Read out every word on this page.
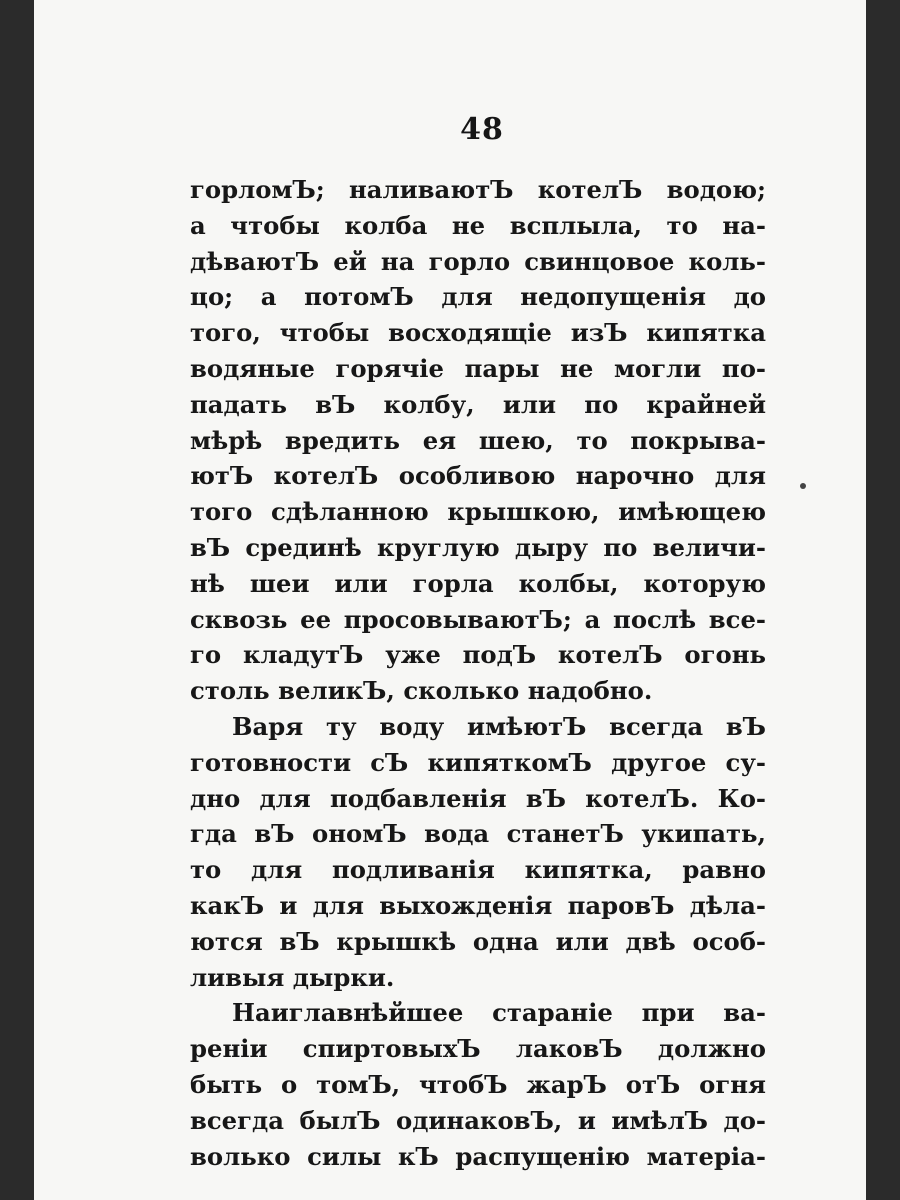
48
горломЪ; наливаютЪ котелЪ водою;
а чтобы колба не всплыла, то на-
дѣваютЪ ей на горло свинцовое коль-
цо; а потомЪ для недопущенія до
того, чтобы восходящіе изЪ кипятка
водяные горячіе пары не могли по-
падать вЪ колбу, или по крайней
мѣрѣ вредить ея шею, то покрыва-
ютЪ котелЪ особливою нарочно для
того сдѣланною крышкою, имѣющею
вЪ срединѣ круглую дыру по величи-
нѣ шеи или горла колбы, которую
сквозь ее просовываютЪ; а послѣ все-
го кладутЪ уже подЪ котелЪ огонь
столь великЪ, сколько надобно.
Варя ту воду имѣютЪ всегда вЪ
готовности сЪ кипяткомЪ другое су-
дно для подбавленія вЪ котелЪ. Ко-
гда вЪ ономЪ вода станетЪ укипать,
то для подливанія кипятка, равно
какЪ и для выхожденія паровЪ дѣла-
ются вЪ крышкѣ одна или двѣ особ-
ливыя дырки.
Наиглавнѣйшее стараніе при ва-
реніи спиртовыхЪ лаковЪ должно
быть о томЪ, чтобЪ жарЪ отЪ огня
всегда былЪ одинаковЪ, и имѣлЪ до-
волько силы кЪ распущенію матеріа-
